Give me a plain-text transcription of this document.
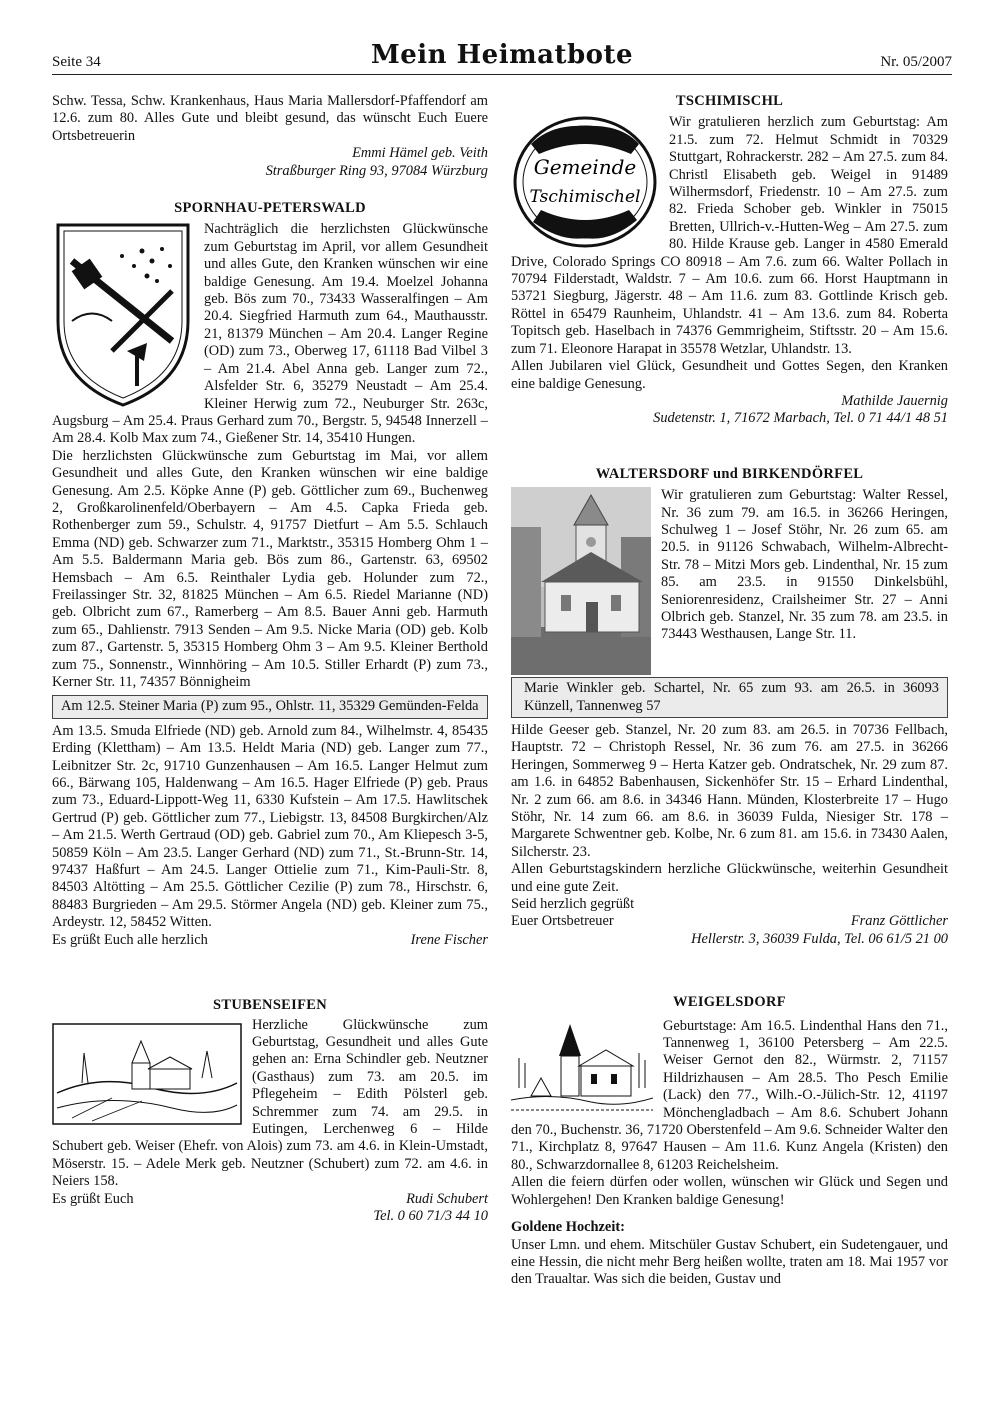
Seite 34	Mein Heimatbote	Nr. 05/2007

Schw. Tessa, Schw. Krankenhaus, Haus Maria Mallersdorf-Pfaffendorf am 12.6. zum 80. Alles Gute und bleibt gesund, das wünscht Euch Euere Ortsbetreuerin

Emmi Hämel geb. Veith

Straßburger Ring 93, 97084 Würzburg

SPORNHAU-PETERSWALD

Nachträglich die herzlichsten Glückwünsche zum Geburtstag im April, vor allem Gesundheit und alles Gute, den Kranken wünschen wir eine baldige Genesung. Am 19.4. Moelzel Johanna geb. Bös zum 70., 73433 Wasseralfingen – Am 20.4. Siegfried Harmuth zum 64., Mauthausstr. 21, 81379 München – Am 20.4. Langer Regine (OD) zum 73., Oberweg 17, 61118 Bad Vilbel 3 – Am 21.4. Abel Anna geb. Langer zum 72., Alsfelder Str. 6, 35279 Neustadt – Am 25.4. Kleiner Herwig zum 72., Neuburger Str. 263c, Augsburg – Am 25.4. Praus Gerhard zum 70., Bergstr. 5, 94548 Innerzell – Am 28.4. Kolb Max zum 74., Gießener Str. 14, 35410 Hungen.

Die herzlichsten Glückwünsche zum Geburtstag im Mai, vor allem Gesundheit und alles Gute, den Kranken wünschen wir eine baldige Genesung. Am 2.5. Köpke Anne (P) geb. Göttlicher zum 69., Buchenweg 2, Großkarolinenfeld/Oberbayern – Am 4.5. Capka Frieda geb. Rothenberger zum 59., Schulstr. 4, 91757 Dietfurt – Am 5.5. Schlauch Emma (ND) geb. Schwarzer zum 71., Marktstr., 35315 Homberg Ohm 1 – Am 5.5. Baldermann Maria geb. Bös zum 86., Gartenstr. 63, 69502 Hemsbach – Am 6.5. Reinthaler Lydia geb. Holunder zum 72., Freilassinger Str. 32, 81825 München – Am 6.5. Riedel Marianne (ND) geb. Olbricht zum 67., Ramerberg – Am 8.5. Bauer Anni geb. Harmuth zum 65., Dahlienstr. 7913 Senden – Am 9.5. Nicke Maria (OD) geb. Kolb zum 87., Gartenstr. 5, 35315 Homberg Ohm 3 – Am 9.5. Kleiner Berthold zum 75., Sonnenstr., Winnhöring – Am 10.5. Stiller Erhardt (P) zum 73., Kerner Str. 11, 74357 Bönnigheim

Am 12.5. Steiner Maria (P) zum 95., Ohlstr. 11, 35329 Gemünden-Felda

Am 13.5. Smuda Elfriede (ND) geb. Arnold zum 84., Wilhelmstr. 4, 85435 Erding (Klettham) – Am 13.5. Heldt Maria (ND) geb. Langer zum 77., Leibnitzer Str. 2c, 91710 Gunzenhausen – Am 16.5. Langer Helmut zum 66., Bärwang 105, Haldenwang – Am 16.5. Hager Elfriede (P) geb. Praus zum 73., Eduard-Lippott-Weg 11, 6330 Kufstein – Am 17.5. Hawlitschek Gertrud (P) geb. Göttlicher zum 77., Liebigstr. 13, 84508 Burgkirchen/Alz – Am 21.5. Werth Gertraud (OD) geb. Gabriel zum 70., Am Kliepesch 3-5, 50859 Köln – Am 23.5. Langer Gerhard (ND) zum 71., St.-Brunn-Str. 14, 97437 Haßfurt – Am 24.5. Langer Ottielie zum 71., Kim-Pauli-Str. 8, 84503 Altötting – Am 25.5. Göttlicher Cezilie (P) zum 78., Hirschstr. 6, 88483 Burgrieden – Am 29.5. Störmer Angela (ND) geb. Kleiner zum 75., Ardeystr. 12, 58452 Witten.

Es grüßt Euch alle herzlich	Irene Fischer

STUBENSEIFEN

Herzliche Glückwünsche zum Geburtstag, Gesundheit und alles Gute gehen an: Erna Schindler geb. Neutzner (Gasthaus) zum 73. am 20.5. im Pflegeheim – Edith Pölsterl geb. Schremmer zum 74. am 29.5. in Eutingen, Lerchenweg 6 – Hilde Schubert geb. Weiser (Ehefr. von Alois) zum 73. am 4.6. in Klein-Umstadt, Möserstr. 15. – Adele Merk geb. Neutzner (Schubert) zum 72. am 4.6. in Neiers 158.

Es grüßt Euch	Rudi Schubert

Tel. 0 60 71/3 44 10

TSCHIMISCHL

Gemeinde
Tschimischel

Wir gratulieren herzlich zum Geburtstag: Am 21.5. zum 72. Helmut Schmidt in 70329 Stuttgart, Rohrackerstr. 282 – Am 27.5. zum 84. Christl Elisabeth geb. Weigel in 91489 Wilhermsdorf, Friedenstr. 10 – Am 27.5. zum 82. Frieda Schober geb. Winkler in 75015 Bretten, Ullrich-v.-Hutten-Weg – Am 27.5. zum 80. Hilde Krause geb. Langer in 4580 Emerald Drive, Colorado Springs CO 80918 – Am 7.6. zum 66. Walter Pollach in 70794 Filderstadt, Waldstr. 7 – Am 10.6. zum 66. Horst Hauptmann in 53721 Siegburg, Jägerstr. 48 – Am 11.6. zum 83. Gottlinde Krisch geb. Röttel in 65479 Raunheim, Uhlandstr. 41 – Am 13.6. zum 84. Roberta Topitsch geb. Haselbach in 74376 Gemmrigheim, Stiftsstr. 20 – Am 15.6. zum 71. Eleonore Harapat in 35578 Wetzlar, Uhlandstr. 13.

Allen Jubilaren viel Glück, Gesundheit und Gottes Segen, den Kranken eine baldige Genesung.

Mathilde Jauernig

Sudetenstr. 1, 71672 Marbach, Tel. 0 71 44/1 48 51

WALTERSDORF und BIRKENDÖRFEL

Wir gratulieren zum Geburtstag: Walter Ressel, Nr. 36 zum 79. am 16.5. in 36266 Heringen, Schulweg 1 – Josef Stöhr, Nr. 26 zum 65. am 20.5. in 91126 Schwabach, Wilhelm-Albrecht-Str. 78 – Mitzi Mors geb. Lindenthal, Nr. 15 zum 85. am 23.5. in 91550 Dinkelsbühl, Seniorenresidenz, Crailsheimer Str. 27 – Anni Olbrich geb. Stanzel, Nr. 35 zum 78. am 23.5. in 73443 Westhausen, Lange Str. 11.

Marie Winkler geb. Schartel, Nr. 65 zum 93. am 26.5. in 36093 Künzell, Tannenweg 57

Hilde Geeser geb. Stanzel, Nr. 20 zum 83. am 26.5. in 70736 Fellbach, Hauptstr. 72 – Christoph Ressel, Nr. 36 zum 76. am 27.5. in 36266 Heringen, Sommerweg 9 – Herta Katzer geb. Ondratschek, Nr. 29 zum 87. am 1.6. in 64852 Babenhausen, Sickenhöfer Str. 15 – Erhard Lindenthal, Nr. 2 zum 66. am 8.6. in 34346 Hann. Münden, Klosterbreite 17 – Hugo Stöhr, Nr. 14 zum 66. am 8.6. in 36039 Fulda, Niesiger Str. 178 – Margarete Schwentner geb. Kolbe, Nr. 6 zum 81. am 15.6. in 73430 Aalen, Silcherstr. 23.

Allen Geburtstagskindern herzliche Glückwünsche, weiterhin Gesundheit und eine gute Zeit.

Seid herzlich gegrüßt

Euer Ortsbetreuer	Franz Göttlicher

Hellerstr. 3, 36039 Fulda, Tel. 06 61/5 21 00

WEIGELSDORF

Geburtstage: Am 16.5. Lindenthal Hans den 71., Tannenweg 1, 36100 Petersberg – Am 22.5. Weiser Gernot den 82., Würmstr. 2, 71157 Hildrizhausen – Am 28.5. Tho Pesch Emilie (Lack) den 77., Wilh.-O.-Jülich-Str. 12, 41197 Mönchengladbach – Am 8.6. Schubert Johann den 70., Buchenstr. 36, 71720 Oberstenfeld – Am 9.6. Schneider Walter den 71., Kirchplatz 8, 97647 Hausen – Am 11.6. Kunz Angela (Kristen) den 80., Schwarzdornallee 8, 61203 Reichelsheim.

Allen die feiern dürfen oder wollen, wünschen wir Glück und Segen und Wohlergehen! Den Kranken baldige Genesung!

Goldene Hochzeit:

Unser Lmn. und ehem. Mitschüler Gustav Schubert, ein Sudetengauer, und eine Hessin, die nicht mehr Berg heißen wollte, traten am 18. Mai 1957 vor den Traualtar. Was sich die beiden, Gustav und
